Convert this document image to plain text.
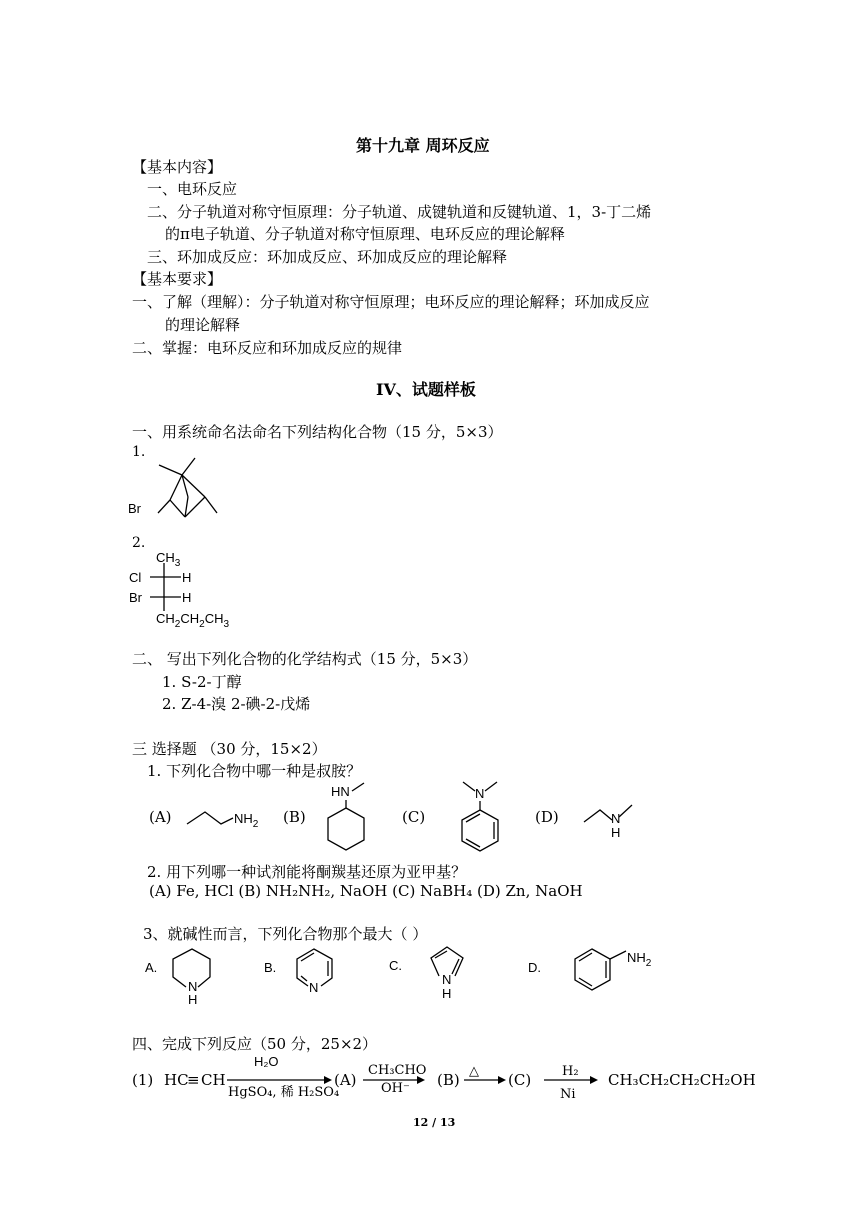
第十九章 周环反应
【基本内容】
一、电环反应
二、分子轨道对称守恒原理：分子轨道、成键轨道和反键轨道、1，3-丁二烯
的π电子轨道、分子轨道对称守恒原理、电环反应的理论解释
三、环加成反应：环加成反应、环加成反应的理论解释
【基本要求】
一、了解（理解）：分子轨道对称守恒原理；电环反应的理论解释；环加成反应
的理论解释
二、掌握：电环反应和环加成反应的规律
IV、试题样板
一、用系统命名法命名下列结构化合物（15 分，5×3）
1.
Br
2.
$CH_3$
Cl	H
Br	H
$CH_2CH_2CH_3$
二、 写出下列化合物的化学结构式（15 分，5×3）
1. S-2-丁醇
2. Z-4-溴 2-碘-2-戊烯
三 选择题 （30 分，15×2）
1. 下列化合物中哪一种是叔胺？
(A)	$NH_2$ (B)
HN
(C)
N
(D)	N
H
2. 用下列哪一种试剂能将酮羰基还原为亚甲基？
(A) Fe, HCl (B) NH₂NH₂, NaOH (C) NaBH₄ (D) Zn, NaOH
3、就碱性而言，下列化合物那个最大（ ）
A.
N
H
B.
N
C.
N
H
D.
$NH_2$
四、完成下列反应（50 分，25×2）
(1) HC
≡ CH
H₂O
HgSO₄, 稀 H₂SO₄
(A)
CH₃CHO
OH⁻ (B)
△
(C) H₂
Ni
CH₃CH₂CH₂CH₂OH
12 / 13
